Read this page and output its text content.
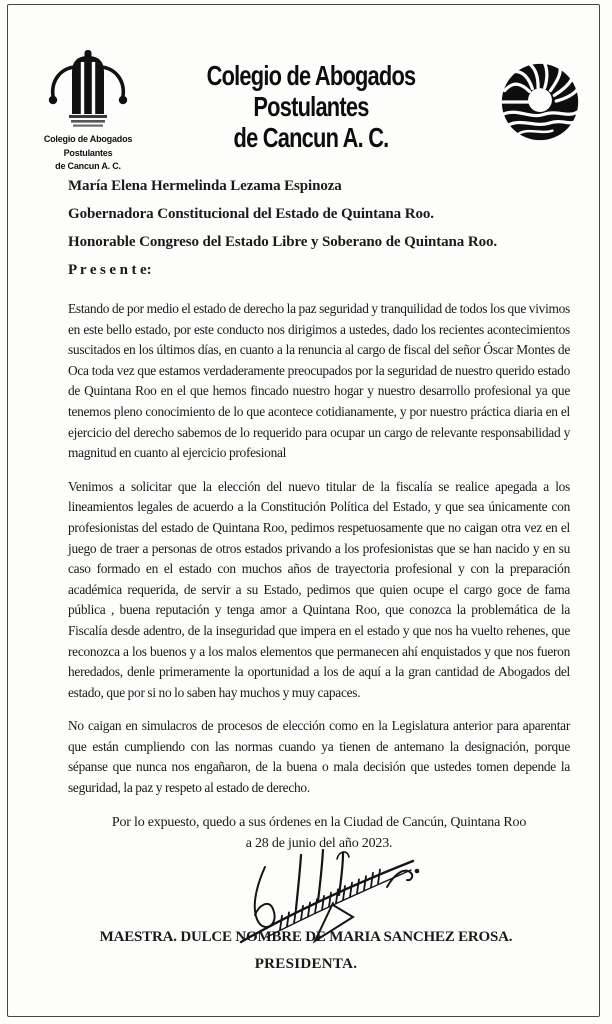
Colegio de Abogados
Postulantes
de Cancun A. C.
Colegio de Abogados Postulantes
de Cancun A. C.

María Elena Hermelinda Lezama Espinoza

Gobernadora Constitucional del Estado de Quintana Roo.

Honorable Congreso del Estado Libre y Soberano de Quintana Roo.

P r e s e n t e:

Estando de por medio el estado de derecho la paz seguridad y tranquilidad de todos los que vivimos en este bello estado, por este conducto nos dirigimos a ustedes, dado los recientes acontecimientos suscitados en los últimos días, en cuanto a la renuncia al cargo de fiscal del señor Óscar Montes de Oca toda vez que estamos verdaderamente preocupados por la seguridad de nuestro querido estado de Quintana Roo en el que hemos fincado nuestro hogar y nuestro desarrollo profesional ya que tenemos pleno conocimiento de lo que acontece cotidianamente, y por nuestro práctica diaria en el ejercicio del derecho sabemos de lo requerido para ocupar un cargo de relevante responsabilidad y magnitud en cuanto al ejercicio profesional

Venimos a solicitar que la elección del nuevo titular de la fiscalía se realice apegada a los lineamientos legales de acuerdo a la Constitución Política del Estado, y que sea únicamente con profesionistas del estado de Quintana Roo, pedimos respetuosamente que no caigan otra vez en el juego de traer a personas de otros estados privando a los profesionistas que se han nacido y en su caso formado en el estado con muchos años de trayectoria profesional y con la preparación académica requerida, de servir a su Estado, pedimos que quien ocupe el cargo goce de fama pública , buena reputación y tenga amor a Quintana Roo, que conozca la problemática de la Fiscalía desde adentro, de la inseguridad que impera en el estado y que nos ha vuelto rehenes, que reconozca a los buenos y a los malos elementos que permanecen ahí enquistados y que nos fueron heredados, denle primeramente la oportunidad a los de aquí a la gran cantidad de Abogados del estado, que por si no lo saben hay muchos y muy capaces.

No caigan en simulacros de procesos de elección como en la Legislatura anterior para aparentar que están cumpliendo con las normas cuando ya tienen de antemano la designación, porque sépanse que nunca nos engañaron, de la buena o mala decisión que ustedes tomen depende la seguridad, la paz y respeto al estado de derecho.

Por lo expuesto, quedo a sus órdenes en la Ciudad de Cancún, Quintana Roo
a 28 de junio del año 2023.
MAESTRA. DULCE NOMBRE DE MARIA SANCHEZ EROSA.
PRESIDENTA.
